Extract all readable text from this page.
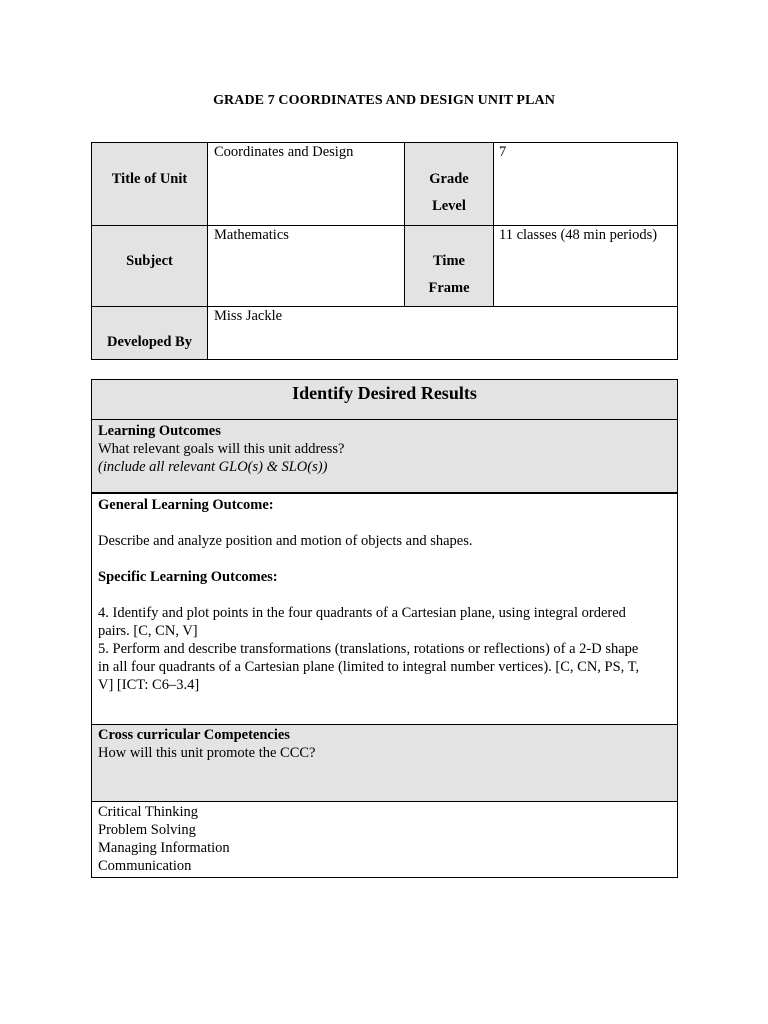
GRADE 7 COORDINATES AND DESIGN UNIT PLAN
Title of Unit
Coordinates and Design
Grade
Level
7
Subject
Mathematics
Time
Frame
11 classes (48 min periods)
Developed By
Miss Jackle
Identify Desired Results
Learning Outcomes
What relevant goals will this unit address?
(include all relevant GLO(s) & SLO(s))
General Learning Outcome:
Describe and analyze position and motion of objects and shapes.
Specific Learning Outcomes:
4. Identify and plot points in the four quadrants of a Cartesian plane, using integral ordered
pairs. [C, CN, V]
5. Perform and describe transformations (translations, rotations or reflections) of a 2-D shape
in all four quadrants of a Cartesian plane (limited to integral number vertices). [C, CN, PS, T,
V] [ICT: C6–3.4]
Cross curricular Competencies
How will this unit promote the CCC?
Critical Thinking
Problem Solving
Managing Information
Communication
